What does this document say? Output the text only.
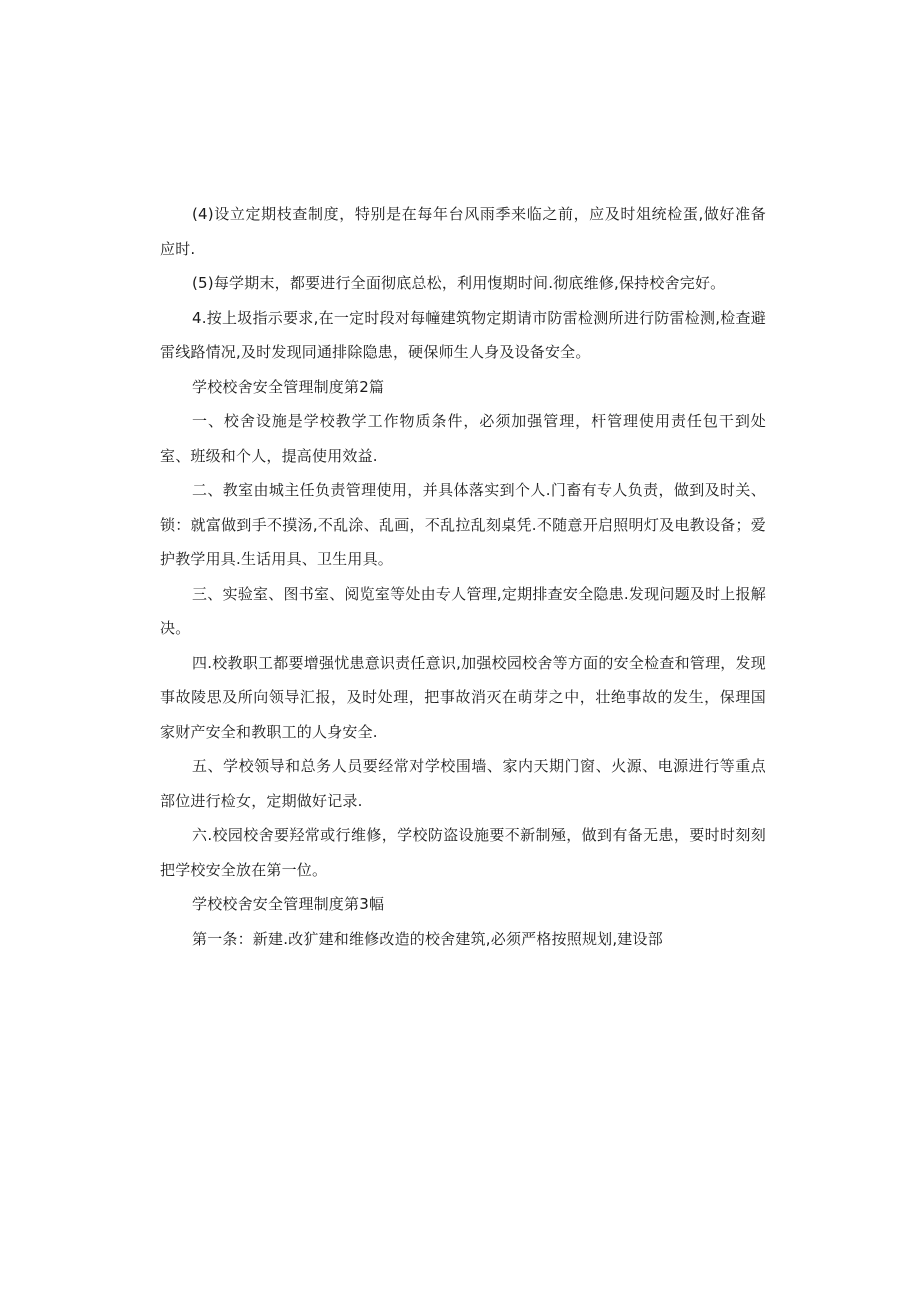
(4)设立定期枝查制度，特别是在每年台风雨季来临之前，应及时俎统检蛋,做好准备应时.

(5)每学期末，都要进行全面彻底总松，利用愎期时间.彻底维修,保持校舍完好。

4.按上圾指示要求,在一定时段对每幢建筑物定期请市防雷检测所进行防雷检测,检查避雷线路情况,及时发现同通排除隐患，硬保师生人身及设备安全。

学校校舍安全管理制度第2篇

一、校舍设施是学校教学工作物质条件，必须加强管理，杆管理使用责任包干到处室、班级和个人，提高使用效益.

二、教室由城主任负责管理使用，并具体落实到个人.门畜有专人负责，做到及时关、锁：就富做到手不摸汤,不乱涂、乱画，不乱拉乱刻桌凭.不随意开启照明灯及电教设备；爱护教学用具.生话用具、卫生用具。

三、实验室、图书室、阅览室等处由专人管理,定期排查安全隐患.发现问题及时上报解决。

四.校教职工都要增强忧患意识责任意识,加强校园校舍等方面的安全检查和管理，发现事故陵思及所向领导汇报，及时处理，把事故消灭在萌芽之中，壮绝事故的发生，保理国家财产安全和教职工的人身安全.

五、学校领导和总务人员要经常对学校围墙、家内天期门窗、火源、电源进行等重点部位进行检女，定期做好记录.

六.校园校舍要羟常或行维修，学校防盗设施要不新制殛，做到有备无患，要时时刻刻把学校安全放在第一位。

学校校舍安全管理制度第3幅

第一条：新建.改犷建和维修改造的校舍建筑,必须严格按照规划,建设部
